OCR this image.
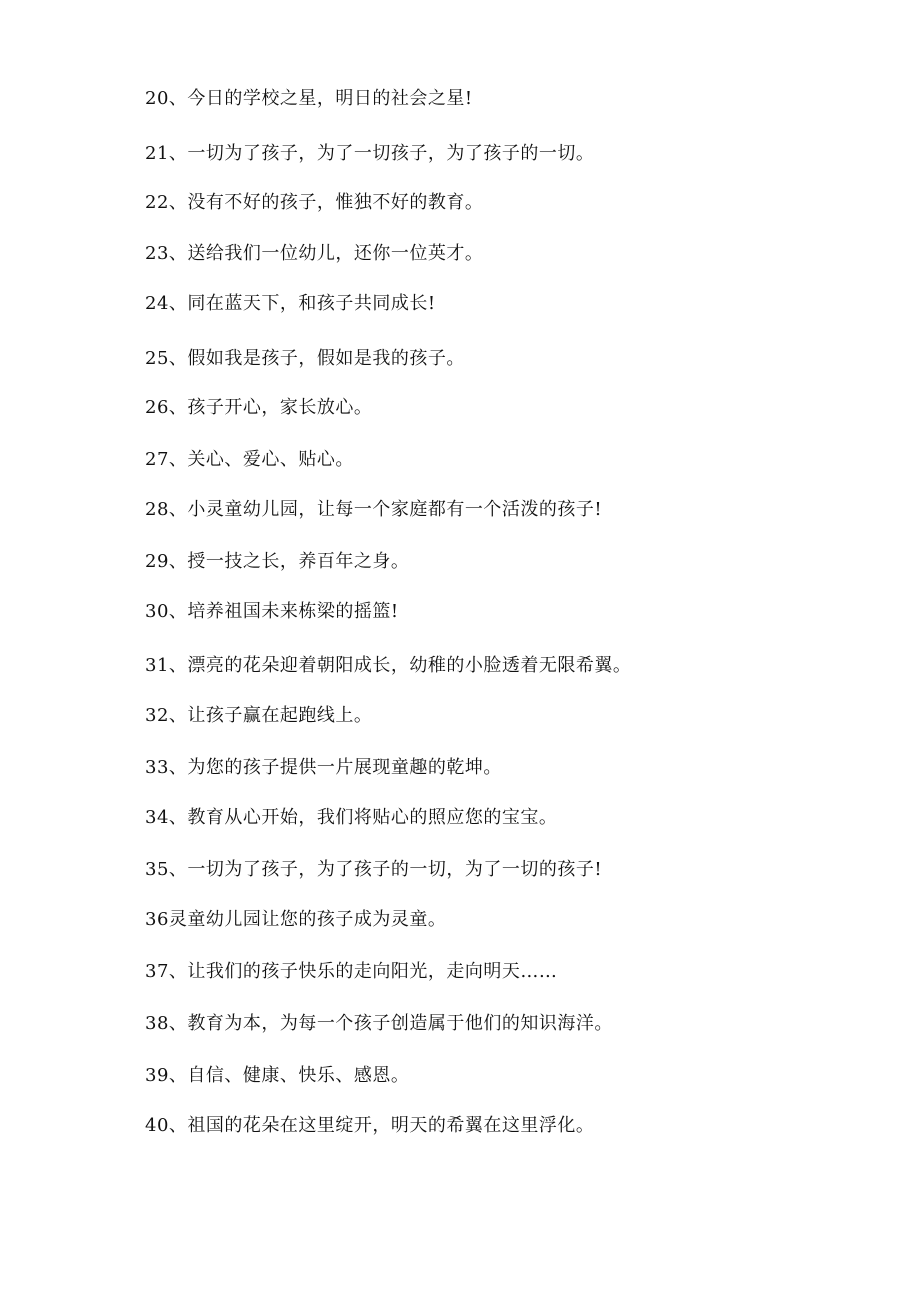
20、今日的学校之星，明日的社会之星!
21、一切为了孩子，为了一切孩子，为了孩子的一切。
22、没有不好的孩子，惟独不好的教育。
23、送给我们一位幼儿，还你一位英才。
24、同在蓝天下，和孩子共同成长!
25、假如我是孩子，假如是我的孩子。
26、孩子开心，家长放心。
27、关心、爱心、贴心。
28、小灵童幼儿园，让每一个家庭都有一个活泼的孩子!
29、授一技之长，养百年之身。
30、培养祖国未来栋梁的摇篮!
31、漂亮的花朵迎着朝阳成长，幼稚的小脸透着无限希翼。
32、让孩子赢在起跑线上。
33、为您的孩子提供一片展现童趣的乾坤。
34、教育从心开始，我们将贴心的照应您的宝宝。
35、一切为了孩子，为了孩子的一切，为了一切的孩子!
36灵童幼儿园让您的孩子成为灵童。
37、让我们的孩子快乐的走向阳光，走向明天……
38、教育为本，为每一个孩子创造属于他们的知识海洋。
39、自信、健康、快乐、感恩。
40、祖国的花朵在这里绽开，明天的希翼在这里浮化。
